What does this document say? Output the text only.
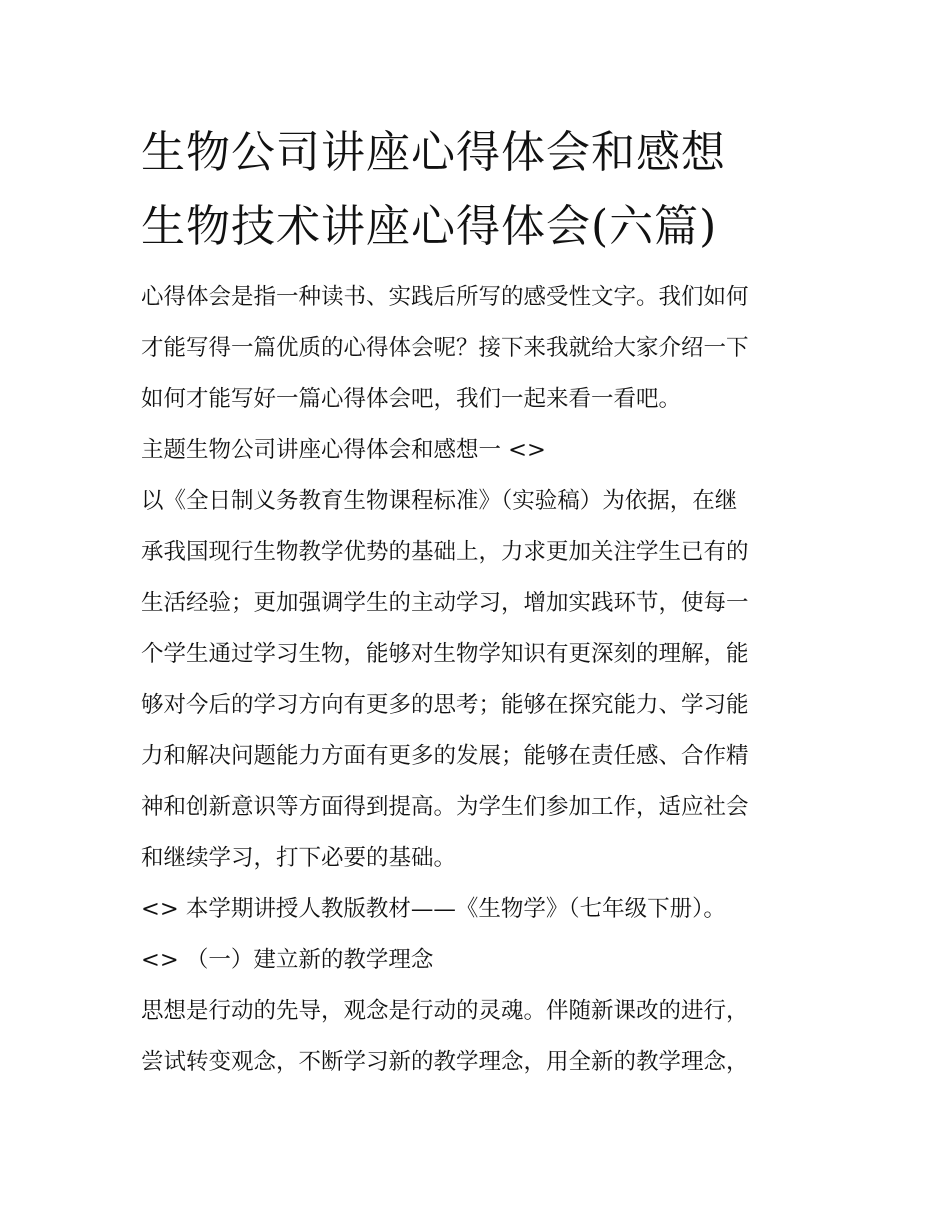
生物公司讲座心得体会和感想
生物技术讲座心得体会(六篇)
心得体会是指一种读书、实践后所写的感受性文字。我们如何
才能写得一篇优质的心得体会呢？接下来我就给大家介绍一下
如何才能写好一篇心得体会吧，我们一起来看一看吧。
主题生物公司讲座心得体会和感想一 <>
以《全日制义务教育生物课程标准》（实验稿）为依据，在继
承我国现行生物教学优势的基础上，力求更加关注学生已有的
生活经验；更加强调学生的主动学习，增加实践环节，使每一
个学生通过学习生物，能够对生物学知识有更深刻的理解，能
够对今后的学习方向有更多的思考；能够在探究能力、学习能
力和解决问题能力方面有更多的发展；能够在责任感、合作精
神和创新意识等方面得到提高。为学生们参加工作，适应社会
和继续学习，打下必要的基础。
<> 本学期讲授人教版教材——《生物学》（七年级下册）。
<> （一）建立新的教学理念
思想是行动的先导，观念是行动的灵魂。伴随新课改的进行，
尝试转变观念，不断学习新的教学理念，用全新的教学理念，
